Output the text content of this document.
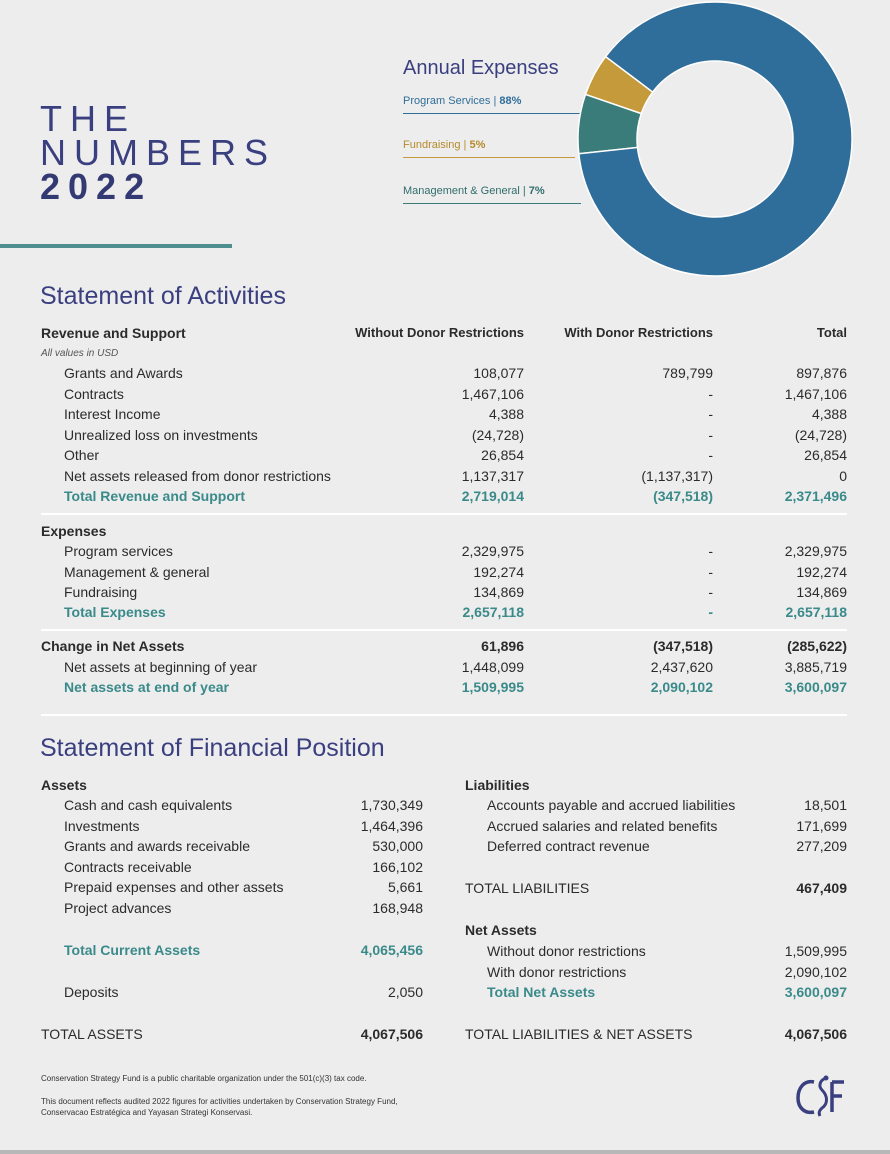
THE
NUMBERS
2022
Annual Expenses
Program Services | 88%
Fundraising | 5%
Management & General | 7%
Statement of Activities
Revenue and Support	Without Donor Restrictions	With Donor Restrictions	Total
All values in USD
Grants and Awards	108,077	789,799	897,876
Contracts	1,467,106	-	1,467,106
Interest Income	4,388	-	4,388
Unrealized loss on investments	(24,728)	-	(24,728)
Other	26,854	-	26,854
Net assets released from donor restrictions	1,137,317	(1,137,317)	0
Total Revenue and Support	2,719,014	(347,518)	2,371,496
Expenses
Program services	2,329,975	-	2,329,975
Management & general	192,274	-	192,274
Fundraising	134,869	-	134,869
Total Expenses	2,657,118	-	2,657,118
Change in Net Assets	61,896	(347,518)	(285,622)
Net assets at beginning of year	1,448,099	2,437,620	3,885,719
Net assets at end of year	1,509,995	2,090,102	3,600,097
Statement of Financial Position
Assets
Cash and cash equivalents	1,730,349
Investments	1,464,396
Grants and awards receivable	530,000
Contracts receivable	166,102
Prepaid expenses and other assets	5,661
Project advances	168,948
Total Current Assets	4,065,456
Deposits	2,050
TOTAL ASSETS	4,067,506
Liabilities
Accounts payable and accrued liabilities	18,501
Accrued salaries and related benefits	171,699
Deferred contract revenue	277,209
TOTAL LIABILITIES	467,409
Net Assets
Without donor restrictions	1,509,995
With donor restrictions	2,090,102
Total Net Assets	3,600,097
TOTAL LIABILITIES & NET ASSETS	4,067,506
Conservation Strategy Fund is a public charitable organization under the 501(c)(3) tax code.
This document reflects audited 2022 figures for activities undertaken by Conservation Strategy Fund, Conservacao Estratégica and Yayasan Strategi Konservasi.
